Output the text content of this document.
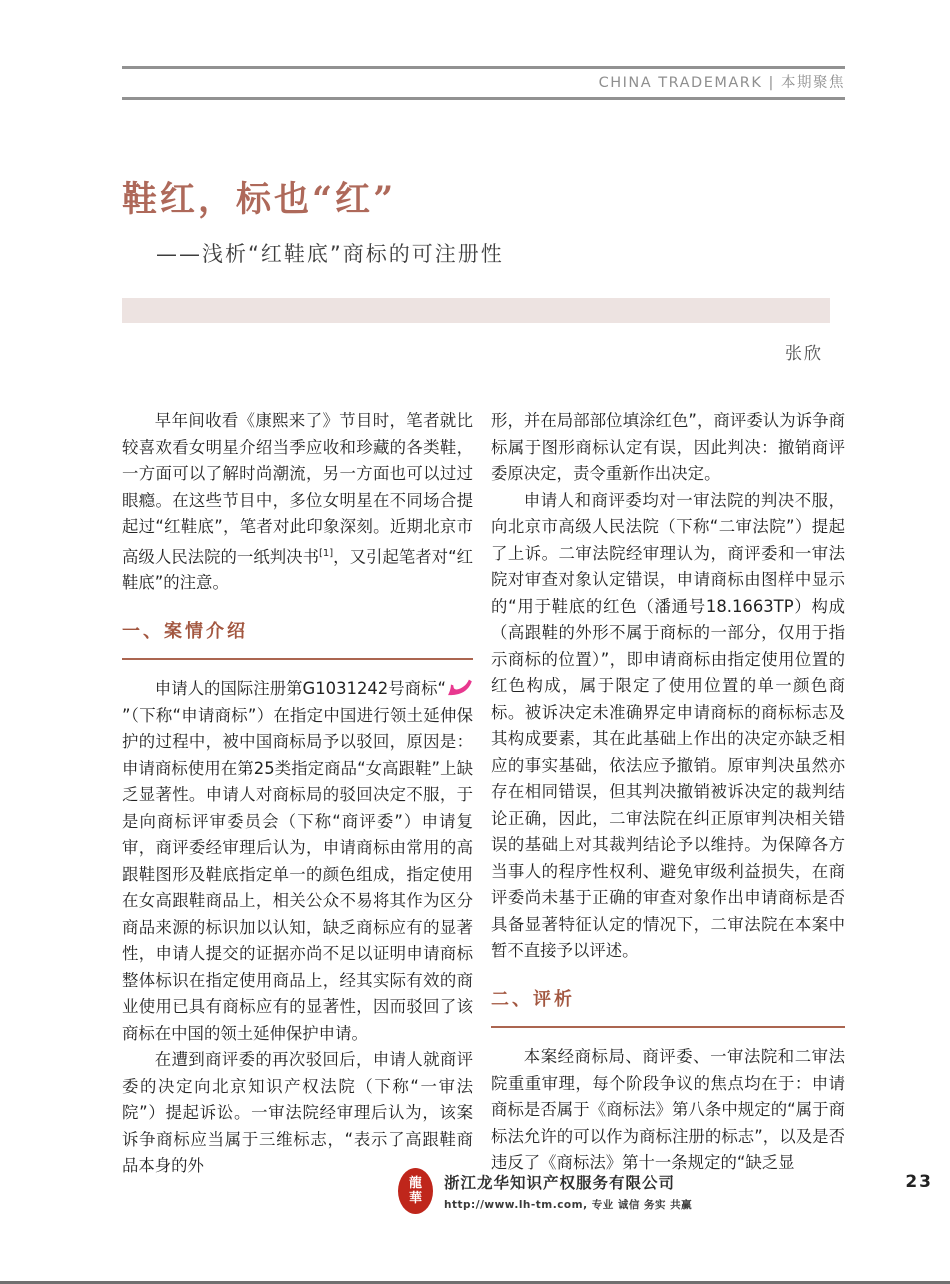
CHINA TRADEMARK | 本期聚焦
鞋红，标也“红”
——浅析“红鞋底”商标的可注册性
张欣

早年间收看《康熙来了》节目时，笔者就比较喜欢看女明星介绍当季应收和珍藏的各类鞋，一方面可以了解时尚潮流，另一方面也可以过过眼瘾。在这些节目中，多位女明星在不同场合提起过“红鞋底”，笔者对此印象深刻。近期北京市高级人民法院的一纸判决书[1]，又引起笔者对“红鞋底”的注意。

一、案情介绍

申请人的国际注册第G1031242号商标“”（下称“申请商标”）在指定中国进行领土延伸保护的过程中，被中国商标局予以驳回，原因是：申请商标使用在第25类指定商品“女高跟鞋”上缺乏显著性。申请人对商标局的驳回决定不服，于是向商标评审委员会（下称“商评委”）申请复审，商评委经审理后认为，申请商标由常用的高跟鞋图形及鞋底指定单一的颜色组成，指定使用在女高跟鞋商品上，相关公众不易将其作为区分商品来源的标识加以认知，缺乏商标应有的显著性，申请人提交的证据亦尚不足以证明申请商标整体标识在指定使用商品上，经其实际有效的商业使用已具有商标应有的显著性，因而驳回了该商标在中国的领土延伸保护申请。

在遭到商评委的再次驳回后，申请人就商评委的决定向北京知识产权法院（下称“一审法院”）提起诉讼。一审法院经审理后认为，该案诉争商标应当属于三维标志，“表示了高跟鞋商品本身的外

形，并在局部部位填涂红色”，商评委认为诉争商标属于图形商标认定有误，因此判决：撤销商评委原决定，责令重新作出决定。

申请人和商评委均对一审法院的判决不服，向北京市高级人民法院（下称“二审法院”）提起了上诉。二审法院经审理认为，商评委和一审法院对审查对象认定错误，申请商标由图样中显示的“用于鞋底的红色（潘通号18.1663TP）构成（高跟鞋的外形不属于商标的一部分，仅用于指示商标的位置）”，即申请商标由指定使用位置的红色构成，属于限定了使用位置的单一颜色商标。被诉决定未准确界定申请商标的商标标志及其构成要素，其在此基础上作出的决定亦缺乏相应的事实基础，依法应予撤销。原审判决虽然亦存在相同错误，但其判决撤销被诉决定的裁判结论正确，因此，二审法院在纠正原审判决相关错误的基础上对其裁判结论予以维持。为保障各方当事人的程序性权利、避免审级利益损失，在商评委尚未基于正确的审查对象作出申请商标是否具备显著特征认定的情况下，二审法院在本案中暂不直接予以评述。

二、评析

本案经商标局、商评委、一审法院和二审法院重重审理，每个阶段争议的焦点均在于：申请商标是否属于《商标法》第八条中规定的“属于商标法允许的可以作为商标注册的标志”，以及是否违反了《商标法》第十一条规定的“缺乏显

龍
華
浙江龙华知识产权服务有限公司
http://www.lh-tm.com, 专业 诚信 务实 共赢
23
